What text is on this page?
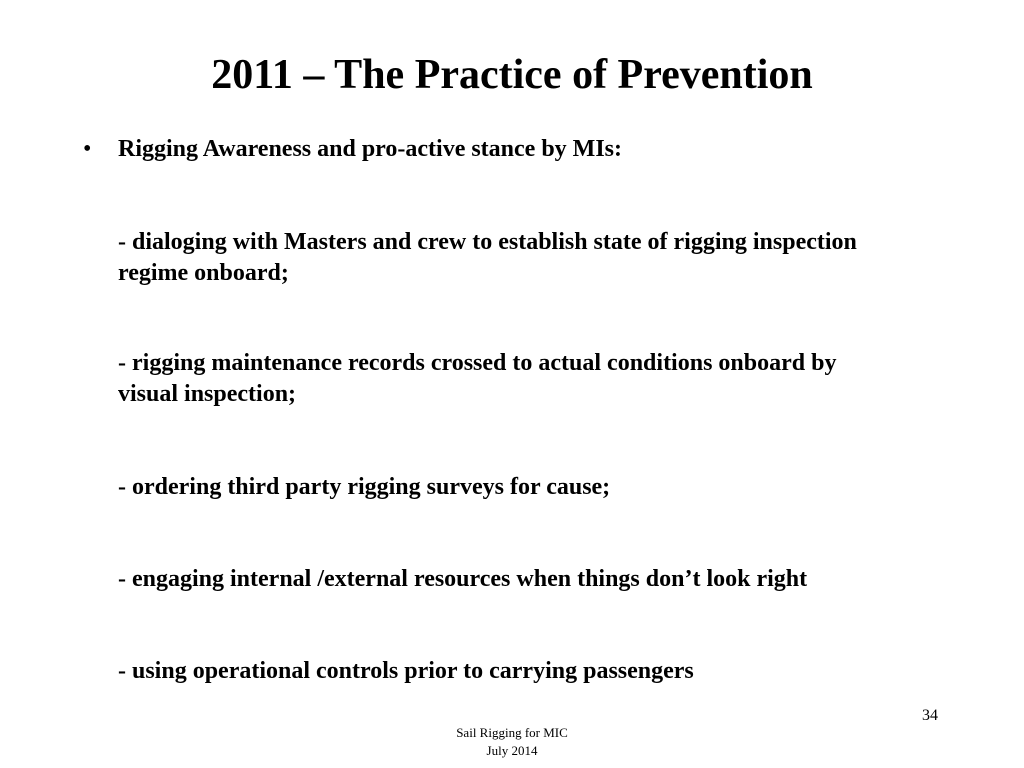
2011 – The Practice of Prevention
• Rigging Awareness and pro-active stance by MIs:
- dialoging with Masters and crew to establish state of rigging inspection regime onboard;
- rigging maintenance records crossed to actual conditions onboard by visual inspection;
- ordering third party rigging surveys for cause;
- engaging internal /external resources when things don’t look right
- using operational controls prior to carrying passengers
34
Sail Rigging for MIC
July 2014
